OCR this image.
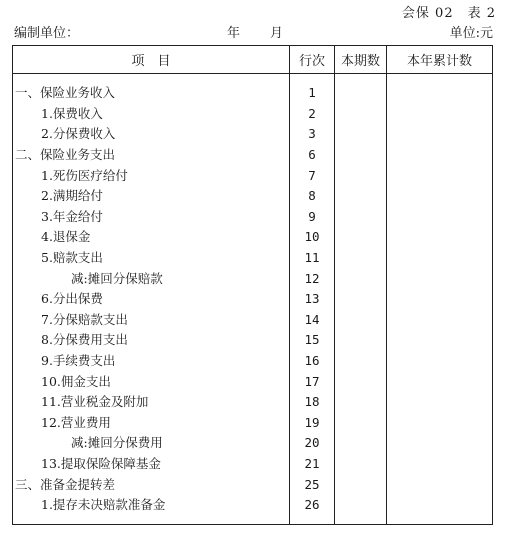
会保 02　表 2
编制单位：	年 月	单位:元
项　目	行次	本期数	本年累计数

一、保险业务收入	1		
1.保费收入	2		
2.分保费收入	3		
二、保险业务支出	6		
1.死伤医疗给付	7		
2.满期给付	8		
3.年金给付	9		
4.退保金	10		
5.赔款支出	11		
减:摊回分保赔款	12		
6.分出保费	13		
7.分保赔款支出	14		
8.分保费用支出	15		
9.手续费支出	16		
10.佣金支出	17		
11.营业税金及附加	18		
12.营业费用	19		
减:摊回分保费用	20		
13.提取保险保障基金	21		
三、准备金提转差	25		
1.提存未决赔款准备金	26		
